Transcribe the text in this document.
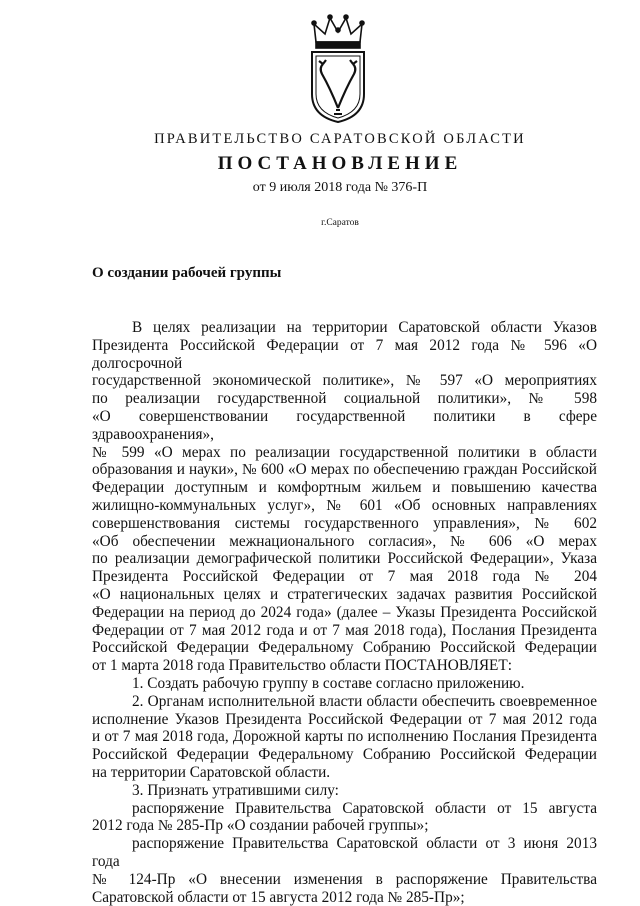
ПРАВИТЕЛЬСТВО САРАТОВСКОЙ ОБЛАСТИ
ПОСТАНОВЛЕНИЕ
от 9 июля 2018 года № 376-П
г.Саратов
О создании рабочей группы

В целях реализации на территории Саратовской области Указов

Президента Российской Федерации от 7 мая 2012 года № 596 «О долгосрочной

государственной экономической политике», № 597 «О мероприятиях

по реализации государственной социальной политики», № 598

«О совершенствовании государственной политики в сфере здравоохранения»,

№ 599 «О мерах по реализации государственной политики в области

образования и науки», № 600 «О мерах по обеспечению граждан Российской

Федерации доступным и комфортным жильем и повышению качества

жилищно-коммунальных услуг», № 601 «Об основных направлениях

совершенствования системы государственного управления», № 602

«Об обеспечении межнационального согласия», № 606 «О мерах

по реализации демографической политики Российской Федерации», Указа

Президента Российской Федерации от 7 мая 2018 года № 204

«О национальных целях и стратегических задачах развития Российской

Федерации на период до 2024 года» (далее – Указы Президента Российской

Федерации от 7 мая 2012 года и от 7 мая 2018 года), Послания Президента

Российской Федерации Федеральному Собранию Российской Федерации

от 1 марта 2018 года Правительство области ПОСТАНОВЛЯЕТ:

1. Создать рабочую группу в составе согласно приложению.

2. Органам исполнительной власти области обеспечить своевременное

исполнение Указов Президента Российской Федерации от 7 мая 2012 года

и от 7 мая 2018 года, Дорожной карты по исполнению Послания Президента

Российской Федерации Федеральному Собранию Российской Федерации

на территории Саратовской области.

3. Признать утратившими силу:

распоряжение Правительства Саратовской области от 15 августа

2012 года № 285-Пр «О создании рабочей группы»;

распоряжение Правительства Саратовской области от 3 июня 2013 года

№ 124-Пр «О внесении изменения в распоряжение Правительства

Саратовской области от 15 августа 2012 года № 285-Пр»;
